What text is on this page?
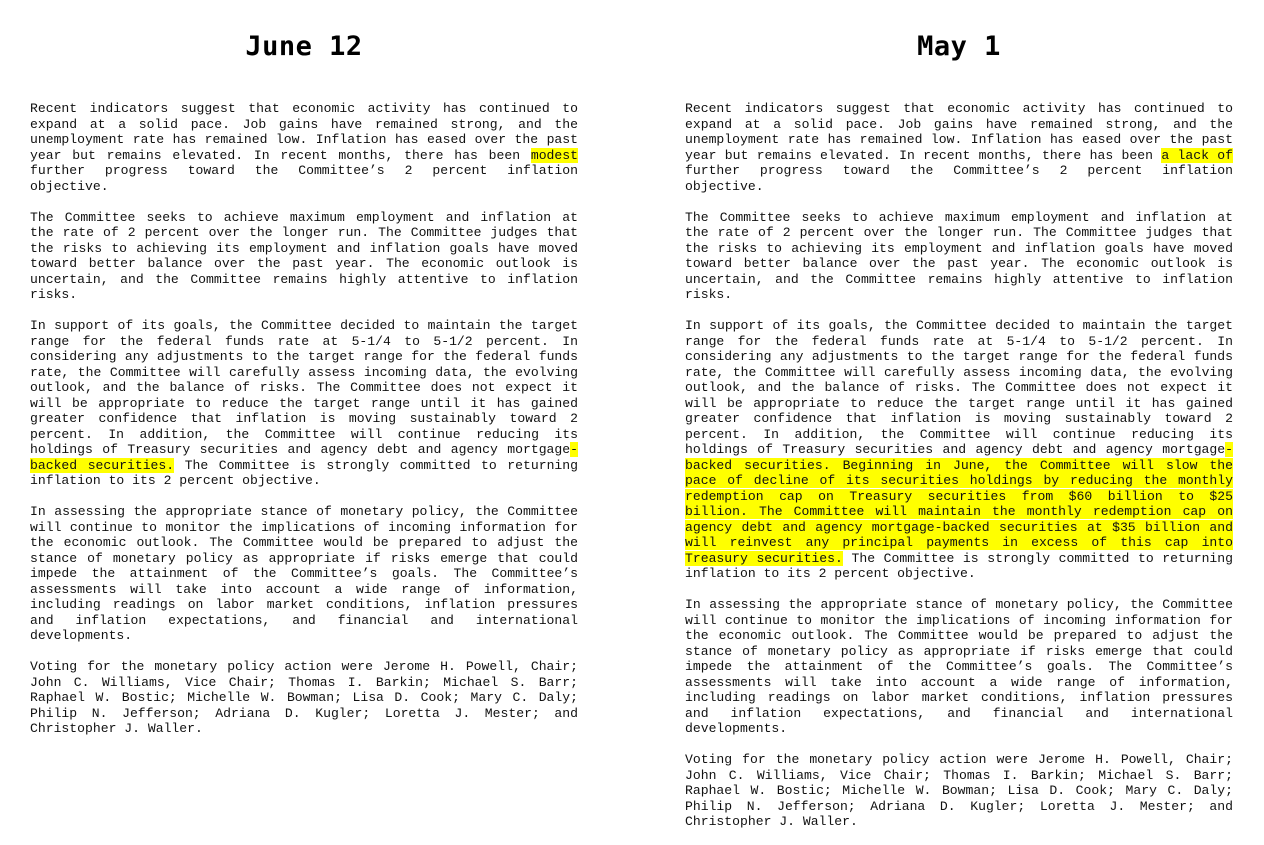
June 12

Recent indicators suggest that economic activity has continued to expand at a solid pace. Job gains have remained strong, and the unemployment rate has remained low. Inflation has eased over the past year but remains elevated. In recent months, there has been modest further progress toward the Committee’s 2 percent inflation objective.

The Committee seeks to achieve maximum employment and inflation at the rate of 2 percent over the longer run. The Committee judges that the risks to achieving its employment and inflation goals have moved toward better balance over the past year. The economic outlook is uncertain, and the Committee remains highly attentive to inflation risks.

In support of its goals, the Committee decided to maintain the target range for the federal funds rate at 5-1/4 to 5-1/2 percent. In considering any adjustments to the target range for the federal funds rate, the Committee will carefully assess incoming data, the evolving outlook, and the balance of risks. The Committee does not expect it will be appropriate to reduce the target range until it has gained greater confidence that inflation is moving sustainably toward 2 percent. In addition, the Committee will continue reducing its holdings of Treasury securities and agency debt and agency mortgage-backed securities. The Committee is strongly committed to returning inflation to its 2 percent objective.

In assessing the appropriate stance of monetary policy, the Committee will continue to monitor the implications of incoming information for the economic outlook. The Committee would be prepared to adjust the stance of monetary policy as appropriate if risks emerge that could impede the attainment of the Committee’s goals. The Committee’s assessments will take into account a wide range of information, including readings on labor market conditions, inflation pressures and inflation expectations, and financial and international developments.

Voting for the monetary policy action were Jerome H. Powell, Chair; John C. Williams, Vice Chair; Thomas I. Barkin; Michael S. Barr; Raphael W. Bostic; Michelle W. Bowman; Lisa D. Cook; Mary C. Daly; Philip N. Jefferson; Adriana D. Kugler; Loretta J. Mester; and Christopher J. Waller.

May 1

Recent indicators suggest that economic activity has continued to expand at a solid pace. Job gains have remained strong, and the unemployment rate has remained low. Inflation has eased over the past year but remains elevated. In recent months, there has been a lack of further progress toward the Committee’s 2 percent inflation objective.

The Committee seeks to achieve maximum employment and inflation at the rate of 2 percent over the longer run. The Committee judges that the risks to achieving its employment and inflation goals have moved toward better balance over the past year. The economic outlook is uncertain, and the Committee remains highly attentive to inflation risks.

In support of its goals, the Committee decided to maintain the target range for the federal funds rate at 5-1/4 to 5-1/2 percent. In considering any adjustments to the target range for the federal funds rate, the Committee will carefully assess incoming data, the evolving outlook, and the balance of risks. The Committee does not expect it will be appropriate to reduce the target range until it has gained greater confidence that inflation is moving sustainably toward 2 percent. In addition, the Committee will continue reducing its holdings of Treasury securities and agency debt and agency mortgage-backed securities. Beginning in June, the Committee will slow the pace of decline of its securities holdings by reducing the monthly redemption cap on Treasury securities from $60 billion to $25 billion. The Committee will maintain the monthly redemption cap on agency debt and agency mortgage-backed securities at $35 billion and will reinvest any principal payments in excess of this cap into Treasury securities. The Committee is strongly committed to returning inflation to its 2 percent objective.

In assessing the appropriate stance of monetary policy, the Committee will continue to monitor the implications of incoming information for the economic outlook. The Committee would be prepared to adjust the stance of monetary policy as appropriate if risks emerge that could impede the attainment of the Committee’s goals. The Committee’s assessments will take into account a wide range of information, including readings on labor market conditions, inflation pressures and inflation expectations, and financial and international developments.

Voting for the monetary policy action were Jerome H. Powell, Chair; John C. Williams, Vice Chair; Thomas I. Barkin; Michael S. Barr; Raphael W. Bostic; Michelle W. Bowman; Lisa D. Cook; Mary C. Daly; Philip N. Jefferson; Adriana D. Kugler; Loretta J. Mester; and Christopher J. Waller.
